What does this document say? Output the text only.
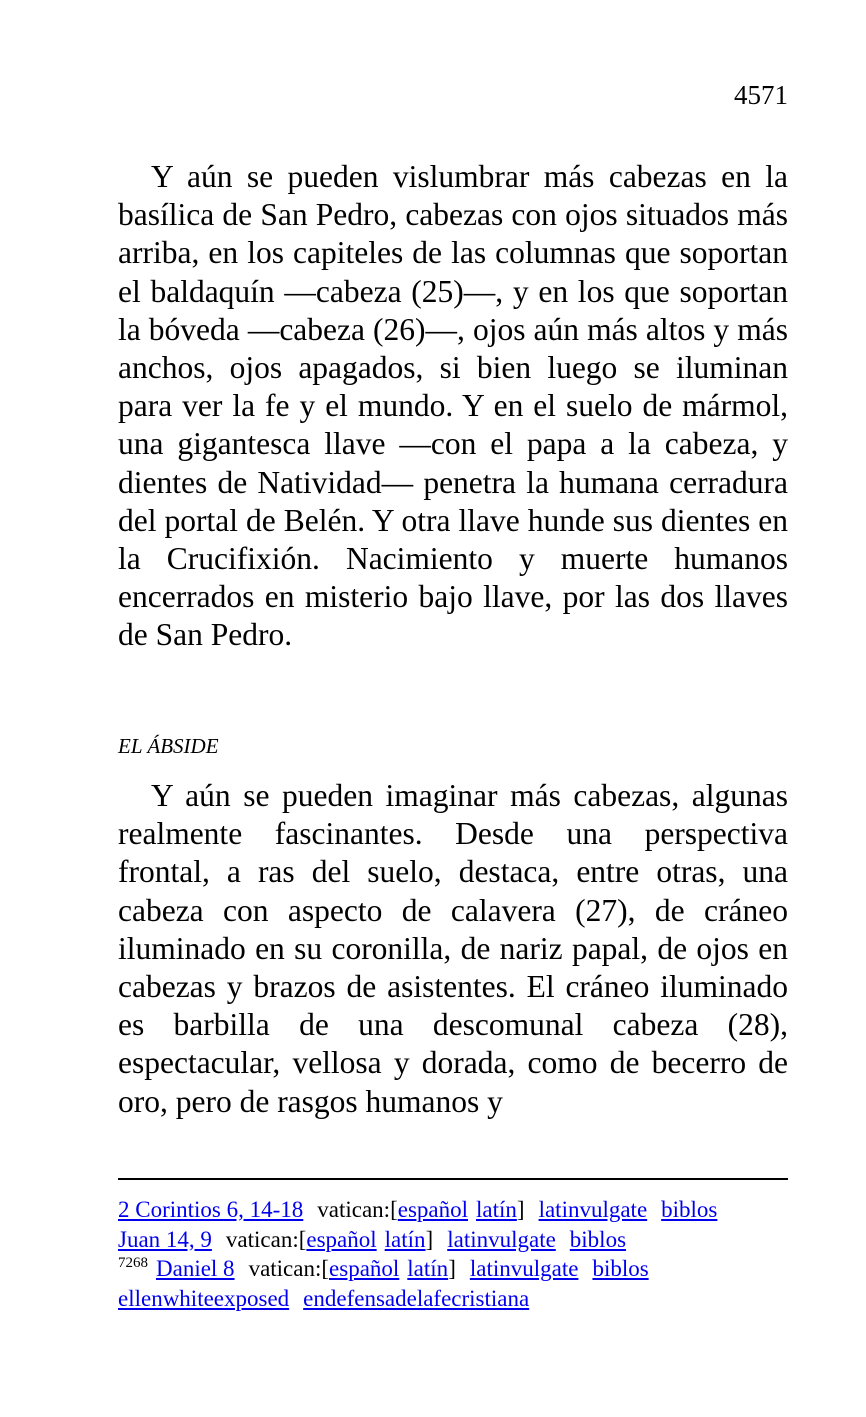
4571

Y aún se pueden vislumbrar más cabezas en la basílica de San Pedro, cabezas con ojos situados más arriba, en los capiteles de las columnas que soportan el baldaquín —cabeza (25)—, y en los que soportan la bóveda —cabeza (26)—, ojos aún más altos y más anchos, ojos apagados, si bien luego se iluminan para ver la fe y el mundo. Y en el suelo de mármol, una gigantesca llave —con el papa a la cabeza, y dientes de Natividad— penetra la humana cerradura del portal de Belén. Y otra llave hunde sus dientes en la Crucifixión. Nacimiento y muerte humanos encerrados en misterio bajo llave, por las dos llaves de San Pedro.

EL ÁBSIDE

Y aún se pueden imaginar más cabezas, algunas realmente fascinantes. Desde una perspectiva frontal, a ras del suelo, destaca, entre otras, una cabeza con aspecto de calavera (27), de cráneo iluminado en su coronilla, de nariz papal, de ojos en cabezas y brazos de asistentes. El cráneo iluminado es barbilla de una descomunal cabeza (28), espectacular, vellosa y dorada, como de becerro de oro, pero de rasgos humanos y

2 Corintios 6, 14-18 vatican:[español latín] latinvulgate biblos
Juan 14, 9 vatican:[español latín] latinvulgate biblos
$^{7268}$ Daniel 8 vatican:[español latín] latinvulgate biblos
ellenwhiteexposed endefensadelafecristiana
